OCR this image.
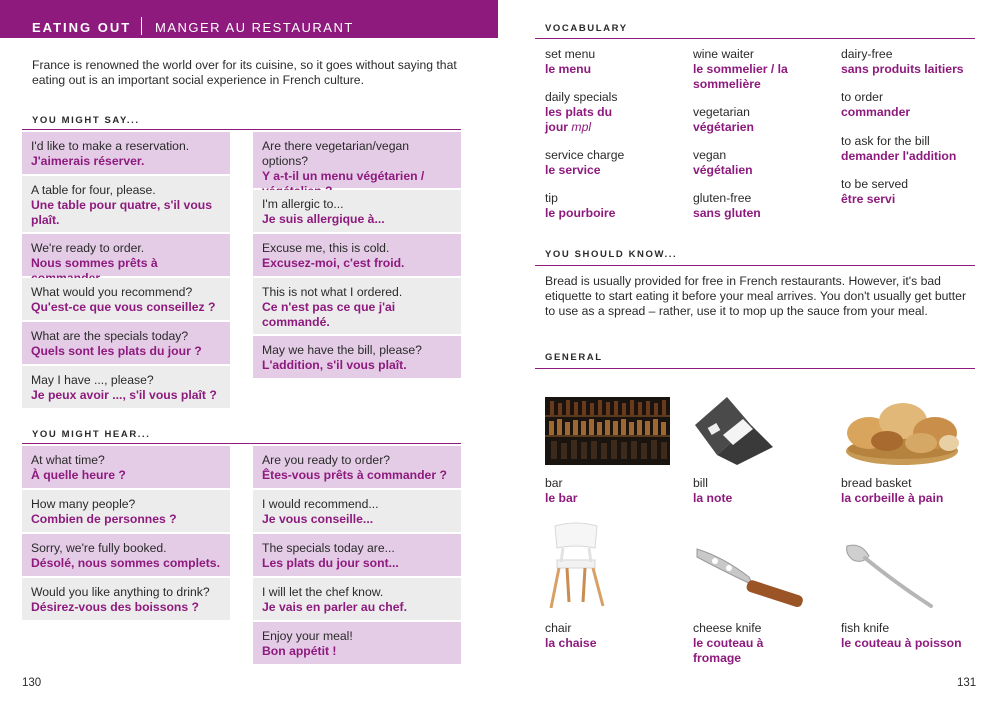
EATING OUT MANGER AU RESTAURANT
France is renowned the world over for its cuisine, so it goes without saying that eating out is an important social experience in French culture.
YOU MIGHT SAY...
I'd like to make a reservation.
J'aimerais réserver.
A table for four, please.
Une table pour quatre, s'il vous plaît.
We're ready to order.
Nous sommes prêts à
What would you recommend?
Qu'est-ce que vous conseillez ?
What are the specials today?
Quels sont les plats du jour ?
May I have ..., please?
Je peux avoir ..., s'il vous plaît ?
Are there vegetarian/vegan options?
Y a-t-il un menu végétarien /
I'm allergic to...
Je suis allergique à...
Excuse me, this is cold.
Excusez-moi, c'est froid.
This is not what I ordered.
Ce n'est pas ce que j'ai commandé.
May we have the bill, please?
L'addition, s'il vous plaît.
YOU MIGHT HEAR...
At what time?
À quelle heure ?
How many people?
Combien de personnes ?
Sorry, we're fully booked.
Désolé, nous sommes complets.
Would you like anything to drink?
Désirez-vous des boissons ?
Are you ready to order?
Êtes-vous prêts à commander ?
I would recommend...
Je vous conseille...
The specials today are...
Les plats du jour sont...
I will let the chef know.
Je vais en parler au chef.
Enjoy your meal!
Bon appétit !
130
VOCABULARY
set menu
le menu
daily specials
les plats du jour mpl
service charge
le service
tip
le pourboire
wine waiter
le sommelier / la sommelière
vegetarian
végétarien
vegan
végétalien
gluten-free
sans gluten
dairy-free
sans produits laitiers
to order
commander
to ask for the bill
demander l'addition
to be served
être servi
YOU SHOULD KNOW...
Bread is usually provided for free in French restaurants. However, it's bad etiquette to start eating it before your meal arrives. You don't usually get butter to use as a spread – rather, use it to mop up the sauce from your meal.
GENERAL
bar
le bar
bill
la note
bread basket
la corbeille à pain
chair
la chaise
cheese knife
le couteau à fromage
fish knife
le couteau à poisson
131
